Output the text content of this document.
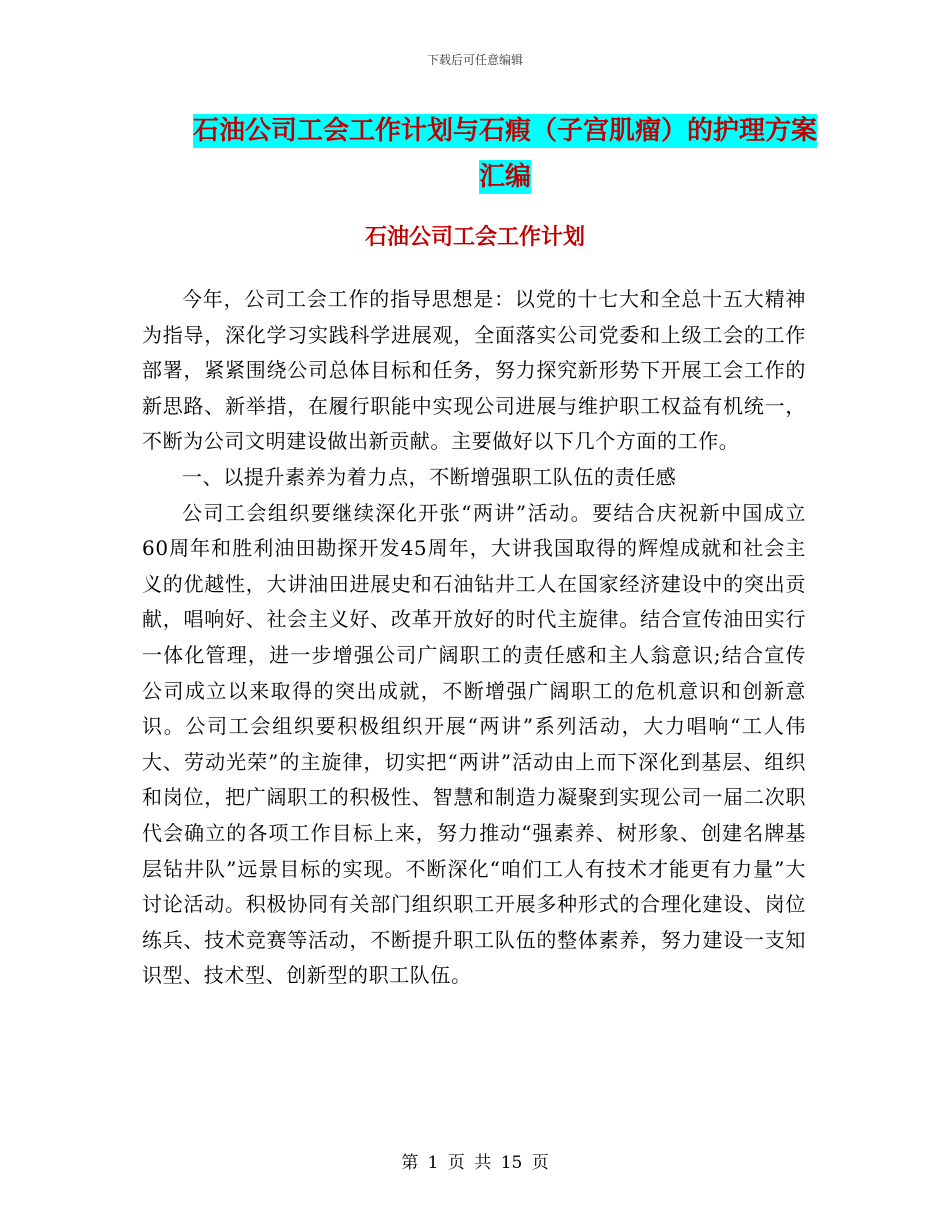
下载后可任意编辑
石油公司工会工作计划与石瘕（子宫肌瘤）的护理方案汇编
石油公司工会工作计划

今年，公司工会工作的指导思想是：以党的十七大和全总十五大精神为指导，深化学习实践科学进展观，全面落实公司党委和上级工会的工作部署，紧紧围绕公司总体目标和任务，努力探究新形势下开展工会工作的新思路、新举措，在履行职能中实现公司进展与维护职工权益有机统一，不断为公司文明建设做出新贡献。主要做好以下几个方面的工作。

一、以提升素养为着力点，不断增强职工队伍的责任感

公司工会组织要继续深化开张“两讲”活动。要结合庆祝新中国成立60周年和胜利油田勘探开发45周年，大讲我国取得的辉煌成就和社会主义的优越性，大讲油田进展史和石油钻井工人在国家经济建设中的突出贡献，唱响好、社会主义好、改革开放好的时代主旋律。结合宣传油田实行一体化管理，进一步增强公司广阔职工的责任感和主人翁意识;结合宣传公司成立以来取得的突出成就，不断增强广阔职工的危机意识和创新意识。公司工会组织要积极组织开展“两讲”系列活动，大力唱响“工人伟大、劳动光荣”的主旋律，切实把“两讲”活动由上而下深化到基层、组织和岗位，把广阔职工的积极性、智慧和制造力凝聚到实现公司一届二次职代会确立的各项工作目标上来，努力推动“强素养、树形象、创建名牌基层钻井队”远景目标的实现。不断深化“咱们工人有技术才能更有力量”大讨论活动。积极协同有关部门组织职工开展多种形式的合理化建设、岗位练兵、技术竞赛等活动，不断提升职工队伍的整体素养，努力建设一支知识型、技术型、创新型的职工队伍。

第 1 页 共 15 页
